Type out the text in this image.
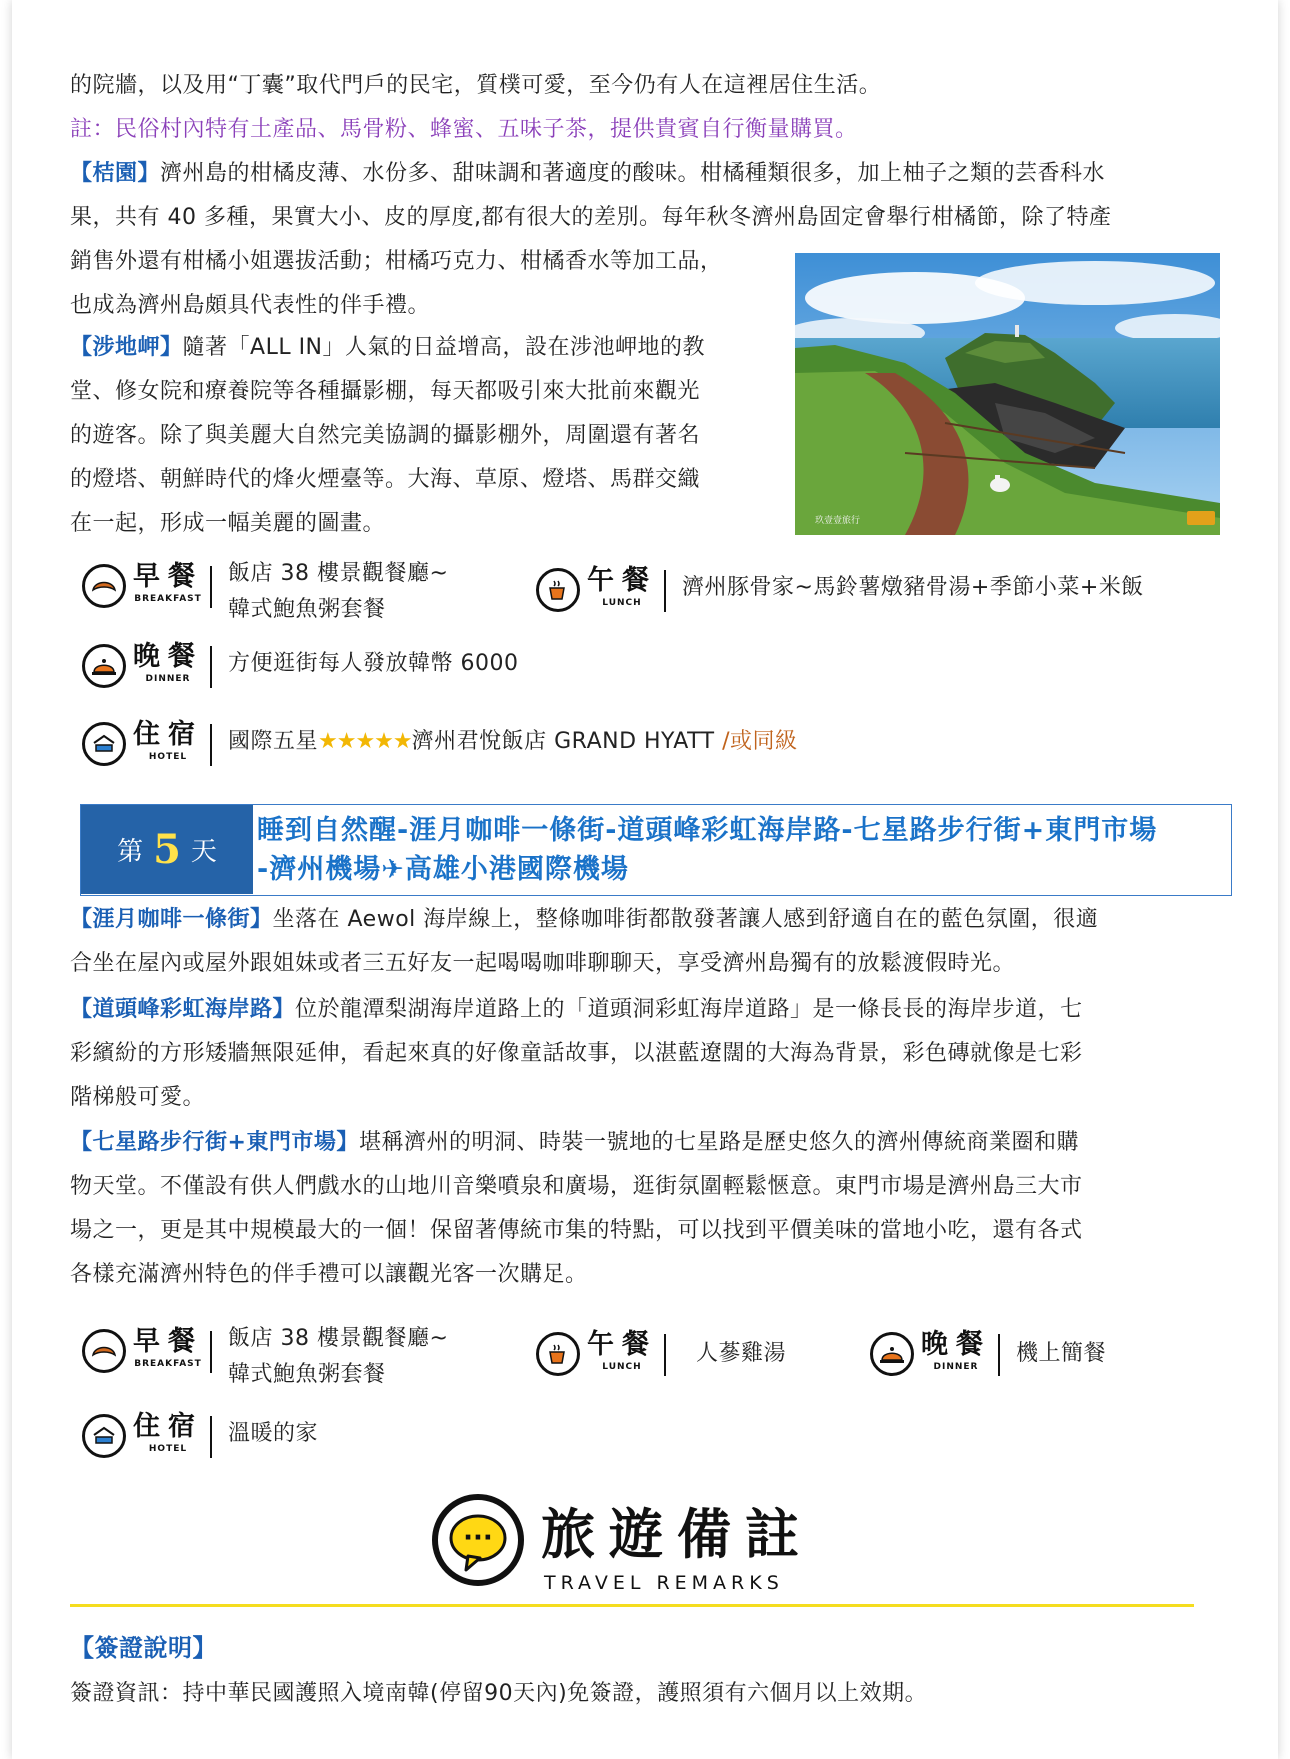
的院牆，以及用“丁囊”取代門戶的民宅，質樸可愛，至今仍有人在這裡居住生活。

註：民俗村內特有土產品、馬骨粉、蜂蜜、五味子茶，提供貴賓自行衡量購買。

【桔園】濟州島的柑橘皮薄、水份多、甜味調和著適度的酸味。柑橘種類很多，加上柚子之類的芸香科水

果，共有 40 多種，果實大小、皮的厚度,都有很大的差別。每年秋冬濟州島固定會舉行柑橘節，除了特產

銷售外還有柑橘小姐選拔活動；柑橘巧克力、柑橘香水等加工品，

也成為濟州島頗具代表性的伴手禮。

【涉地岬】隨著「ALL IN」人氣的日益增高，設在涉池岬地的教

堂、修女院和療養院等各種攝影棚，每天都吸引來大批前來觀光

的遊客。除了與美麗大自然完美協調的攝影棚外，周圍還有著名

的燈塔、朝鮮時代的烽火煙臺等。大海、草原、燈塔、馬群交織

在一起，形成一幅美麗的圖畫。	玖壹壹旅行
早餐
BREAKFAST
飯店 38 樓景觀餐廳~
韓式鮑魚粥套餐
午餐
LUNCH
濟州豚骨家~馬鈴薯燉豬骨湯+季節小菜+米飯
晚餐
DINNER
方便逛街每人發放韓幣 6000
住宿
HOTEL
國際五星★★★★★濟州君悅飯店 GRAND HYATT /或同級
第 5 天
睡到自然醒-涯月咖啡一條街-道頭峰彩虹海岸路-七星路步行街+東門市場
-濟州機場✈高雄小港國際機場

【涯月咖啡一條街】坐落在 Aewol 海岸線上，整條咖啡街都散發著讓人感到舒適自在的藍色氛圍，很適

合坐在屋內或屋外跟姐妹或者三五好友一起喝喝咖啡聊聊天，享受濟州島獨有的放鬆渡假時光。

【道頭峰彩虹海岸路】位於龍潭梨湖海岸道路上的「道頭洞彩虹海岸道路」是一條長長的海岸步道，七

彩繽紛的方形矮牆無限延伸，看起來真的好像童話故事，以湛藍遼闊的大海為背景，彩色磚就像是七彩

階梯般可愛。

【七星路步行街+東門市場】堪稱濟州的明洞、時裝一號地的七星路是歷史悠久的濟州傳統商業圈和購

物天堂。不僅設有供人們戲水的山地川音樂噴泉和廣場，逛街氛圍輕鬆愜意。東門市場是濟州島三大市

場之一，更是其中規模最大的一個！保留著傳統市集的特點，可以找到平價美味的當地小吃，還有各式

各樣充滿濟州特色的伴手禮可以讓觀光客一次購足。

早餐
BREAKFAST
飯店 38 樓景觀餐廳~
韓式鮑魚粥套餐
午餐
LUNCH
人蔘雞湯	晚餐
DINNER
機上簡餐
住宿
HOTEL
溫暖的家
··· 旅遊備註
TRAVEL REMARKS

【簽證說明】

簽證資訊：持中華民國護照入境南韓(停留90天內)免簽證，護照須有六個月以上效期。
